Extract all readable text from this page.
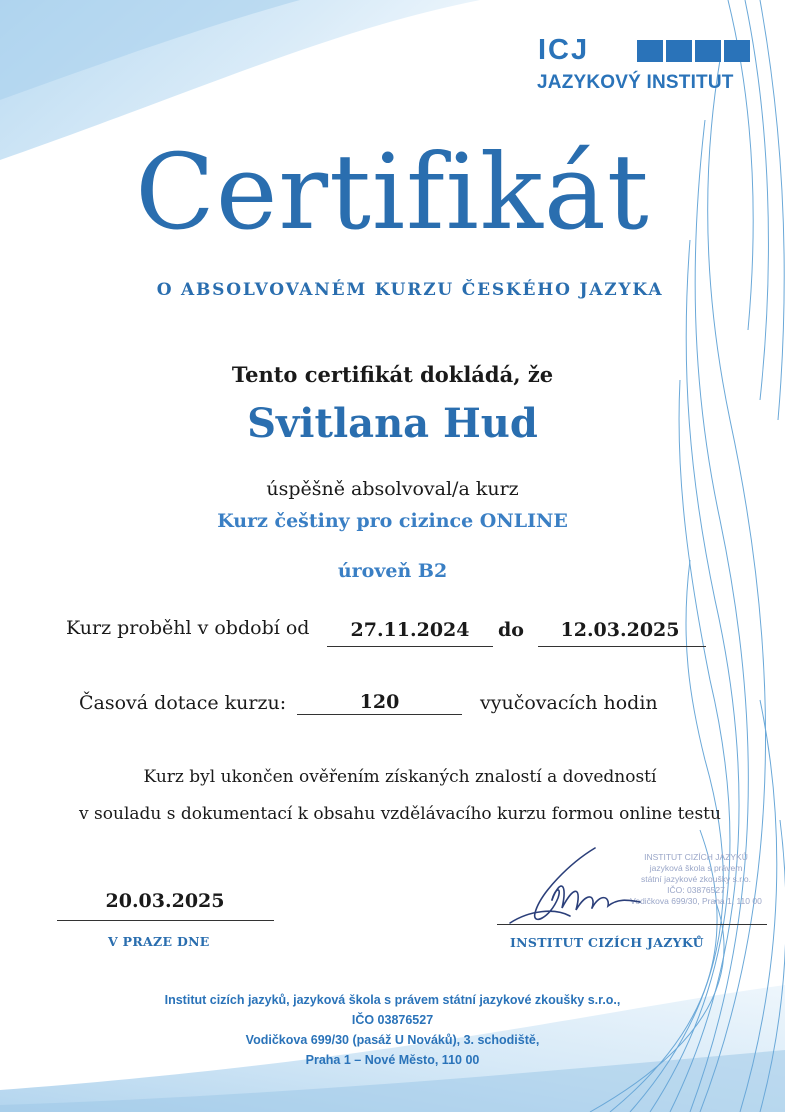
ICJ
JAZYKOVÝ INSTITUT
Certifikát
O ABSOLVOVANÉM KURZU ČESKÉHO JAZYKA
Tento certifikát dokládá, že
Svitlana Hud
úspěšně absolvoval/a kurz
Kurz češtiny pro cizince ONLINE
úroveň B2
Kurz proběhl v období od	27.11.2024	do	12.03.2025
Časová dotace kurzu:	120	vyučovacích hodin
Kurz byl ukončen ověřením získaných znalostí a dovedností
v souladu s dokumentací k obsahu vzdělávacího kurzu formou online testu
20.03.2025
V PRAZE DNE
INSTITUT CIZÍCH JAZYKŮ
jazyková škola s právem
státní jazykové zkoušky s.r.o.
IČO: 03876527
Vodičkova 699/30, Praha 1, 110 00
INSTITUT CIZÍCH JAZYKŮ
Institut cizích jazyků, jazyková škola s právem státní jazykové zkoušky s.r.o.,
IČO 03876527
Vodičkova 699/30 (pasáž U Nováků), 3. schodiště,
Praha 1 – Nové Město, 110 00
